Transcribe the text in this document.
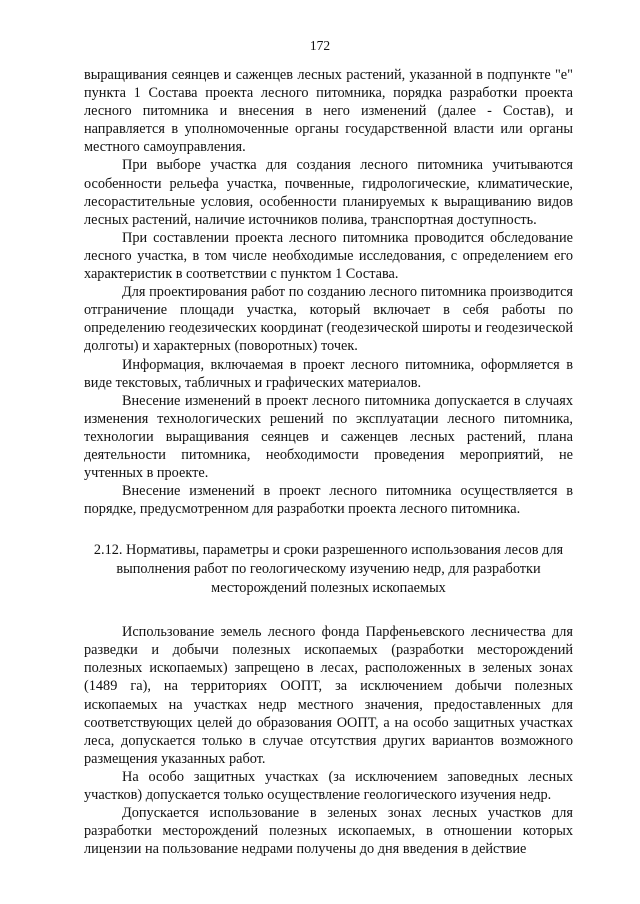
172

выращивания сеянцев и саженцев лесных растений, указанной в подпункте "е" пункта 1 Состава проекта лесного питомника, порядка разработки проекта лесного питомника и внесения в него изменений (далее - Состав), и направляется в уполномоченные органы государственной власти или органы местного самоуправления.

При выборе участка для создания лесного питомника учитываются особенности рельефа участка, почвенные, гидрологические, климатические, лесорастительные условия, особенности планируемых к выращиванию видов лесных растений, наличие источников полива, транспортная доступность.

При составлении проекта лесного питомника проводится обследование лесного участка, в том числе необходимые исследования, с определением его характеристик в соответствии с пунктом 1 Состава.

Для проектирования работ по созданию лесного питомника производится отграничение площади участка, который включает в себя работы по определению геодезических координат (геодезической широты и геодезической долготы) и характерных (поворотных) точек.

Информация, включаемая в проект лесного питомника, оформляется в виде текстовых, табличных и графических материалов.

Внесение изменений в проект лесного питомника допускается в случаях изменения технологических решений по эксплуатации лесного питомника, технологии выращивания сеянцев и саженцев лесных растений, плана деятельности питомника, необходимости проведения мероприятий, не учтенных в проекте.

Внесение изменений в проект лесного питомника осуществляется в порядке, предусмотренном для разработки проекта лесного питомника.

2.12. Нормативы, параметры и сроки разрешенного использования лесов для выполнения работ по геологическому изучению недр, для разработки месторождений полезных ископаемых

Использование земель лесного фонда Парфеньевского лесничества для разведки и добычи полезных ископаемых (разработки месторождений полезных ископаемых) запрещено в лесах, расположенных в зеленых зонах (1489 га), на территориях ООПТ, за исключением добычи полезных ископаемых на участках недр местного значения, предоставленных для соответствующих целей до образования ООПТ, а на особо защитных участках леса, допускается только в случае отсутствия других вариантов возможного размещения указанных работ.

На особо защитных участках (за исключением заповедных лесных участков) допускается только осуществление геологического изучения недр.

Допускается использование в зеленых зонах лесных участков для разработки месторождений полезных ископаемых, в отношении которых лицензии на пользование недрами получены до дня введения в действие
